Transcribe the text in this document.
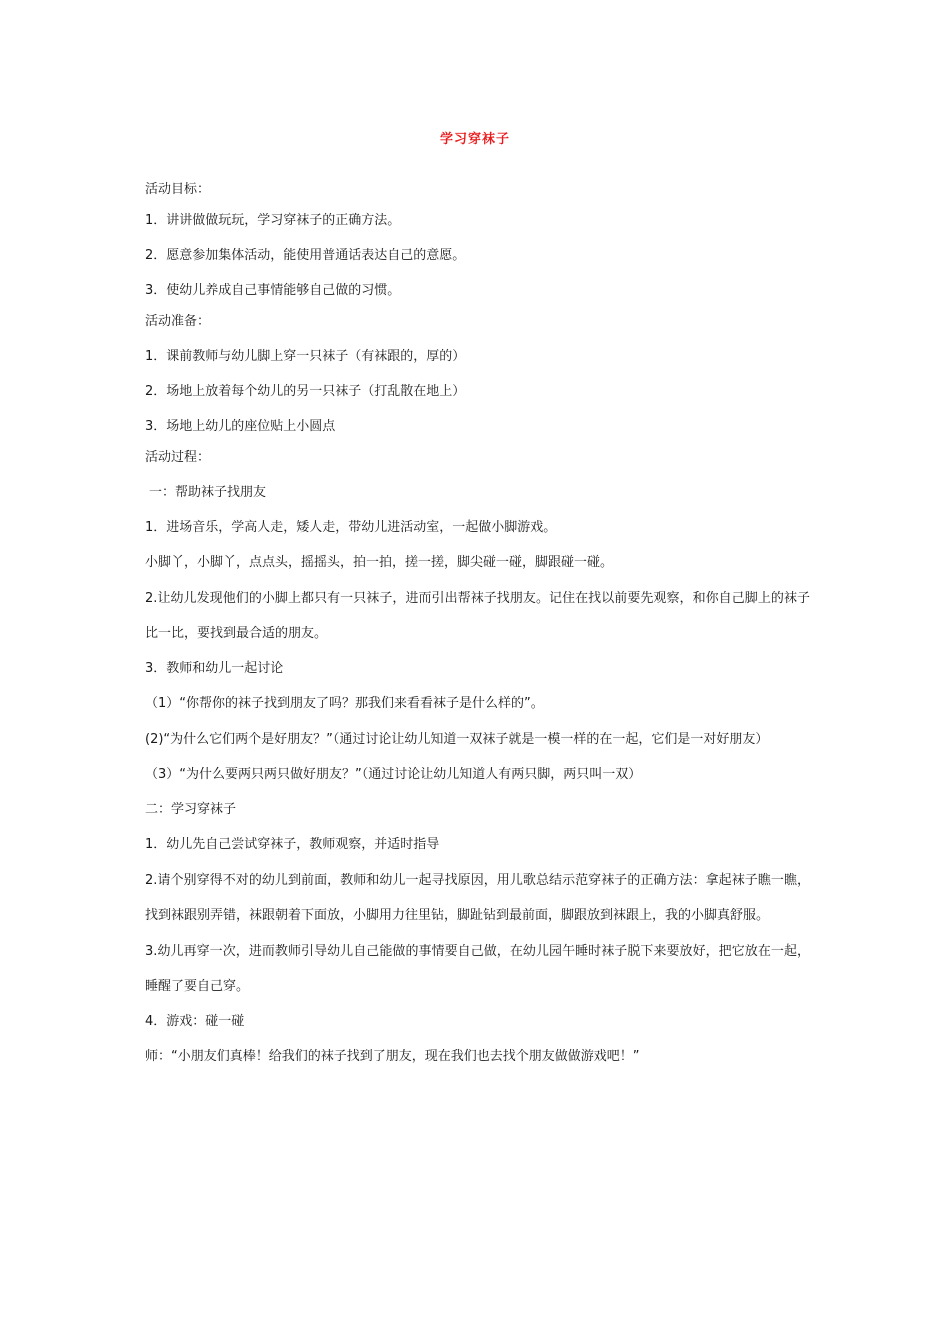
学习穿袜子

活动目标：

1．讲讲做做玩玩，学习穿袜子的正确方法。

2．愿意参加集体活动，能使用普通话表达自己的意愿。

3．使幼儿养成自己事情能够自己做的习惯。

活动准备：

1．课前教师与幼儿脚上穿一只袜子（有袜跟的，厚的）

2．场地上放着每个幼儿的另一只袜子（打乱散在地上）

3．场地上幼儿的座位贴上小圆点

活动过程：

一：帮助袜子找朋友

1．进场音乐，学高人走，矮人走，带幼儿进活动室，一起做小脚游戏。

小脚丫，小脚丫，点点头，摇摇头，拍一拍，搓一搓，脚尖碰一碰，脚跟碰一碰。

2.让幼儿发现他们的小脚上都只有一只袜子，进而引出帮袜子找朋友。记住在找以前要先观察，和你自己脚上的袜子比一比，要找到最合适的朋友。

3．教师和幼儿一起讨论

（1）“你帮你的袜子找到朋友了吗？那我们来看看袜子是什么样的”。

(2)“为什么它们两个是好朋友？”（通过讨论让幼儿知道一双袜子就是一模一样的在一起，它们是一对好朋友）

（3）“为什么要两只两只做好朋友？”（通过讨论让幼儿知道人有两只脚，两只叫一双）

二：学习穿袜子

1．幼儿先自己尝试穿袜子，教师观察，并适时指导

2.请个别穿得不对的幼儿到前面，教师和幼儿一起寻找原因，用儿歌总结示范穿袜子的正确方法：拿起袜子瞧一瞧，找到袜跟别弄错，袜跟朝着下面放，小脚用力往里钻，脚趾钻到最前面，脚跟放到袜跟上，我的小脚真舒服。

3.幼儿再穿一次，进而教师引导幼儿自己能做的事情要自己做，在幼儿园午睡时袜子脱下来要放好，把它放在一起，睡醒了要自己穿。

4．游戏：碰一碰

师：“小朋友们真棒！给我们的袜子找到了朋友，现在我们也去找个朋友做做游戏吧！”
